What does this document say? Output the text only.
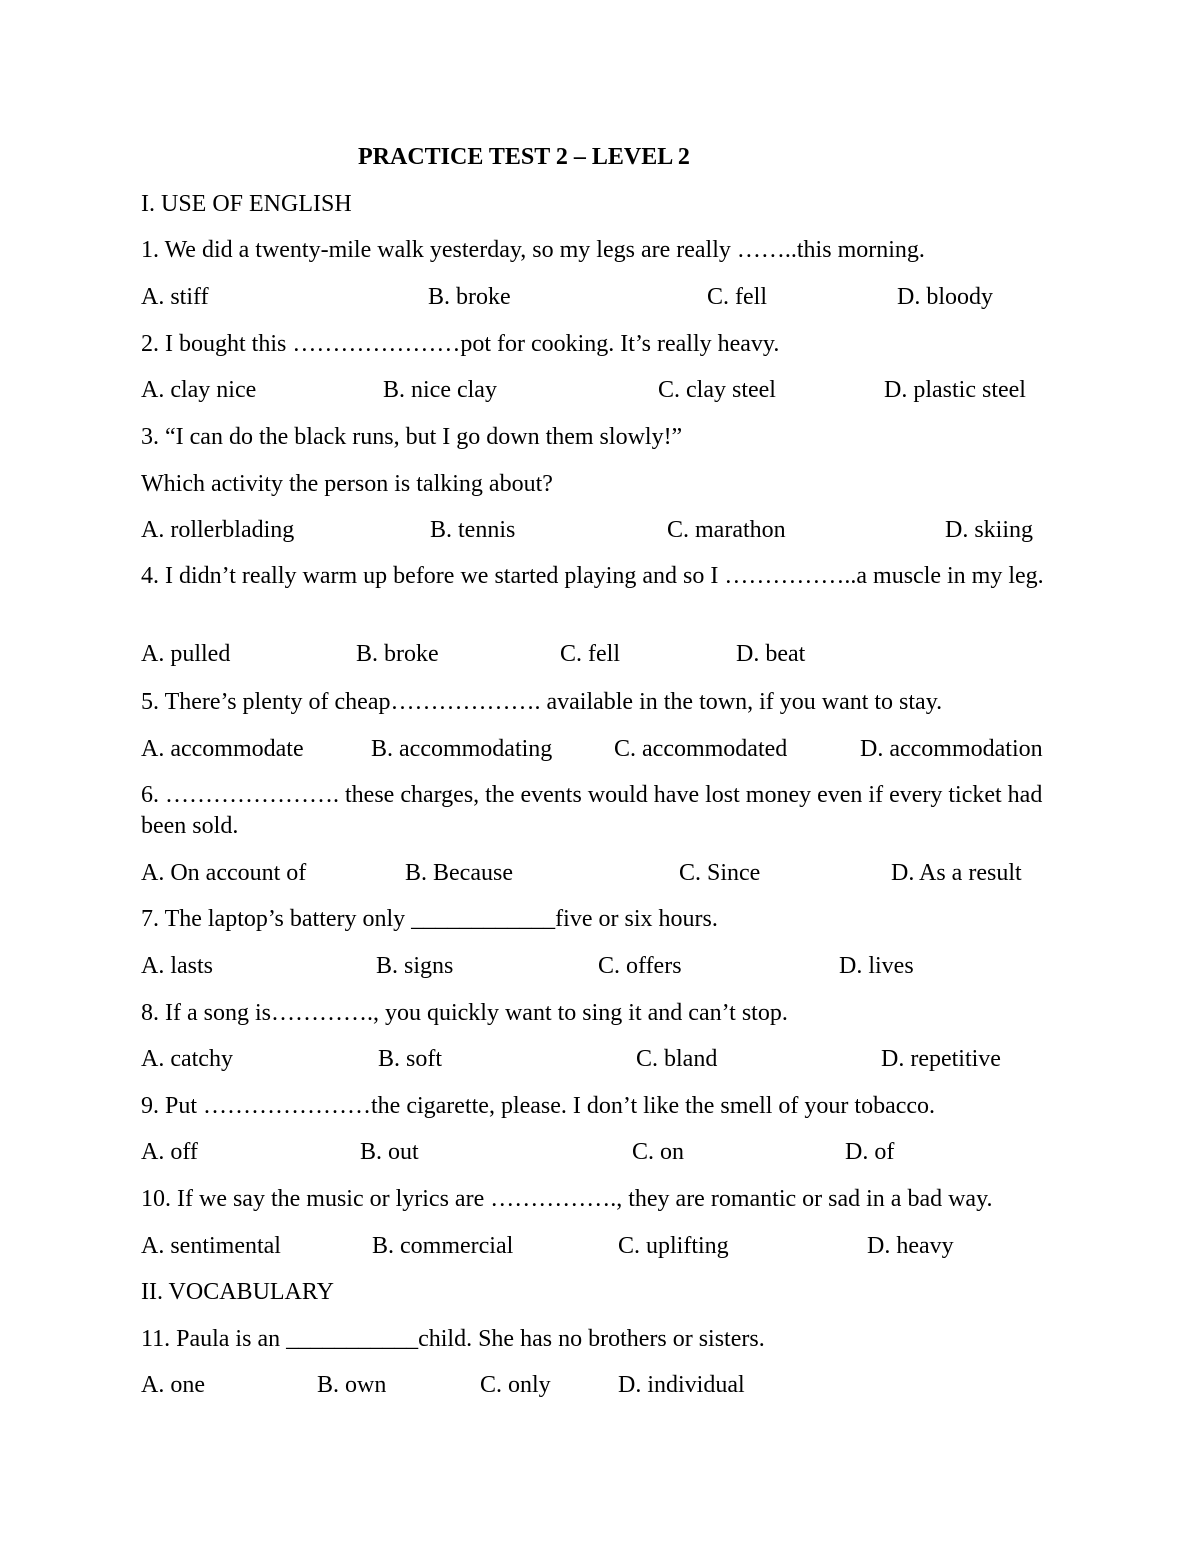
PRACTICE TEST 2 – LEVEL 2
I. USE OF ENGLISH
1. We did a twenty-mile walk yesterday, so my legs are really ……..this morning.
A. stiff	B. broke	C. fell	D. bloody
2. I bought this …………………pot for cooking. It’s really heavy.
A. clay nice	B. nice clay	C. clay steel	D. plastic steel
3. “I can do the black runs, but I go down them slowly!”
Which activity the person is talking about?
A. rollerblading	B. tennis	C. marathon	D. skiing
4. I didn’t really warm up before we started playing and so I ……………..a muscle in my leg.
A. pulled	B. broke	C. fell	D. beat
5. There’s plenty of cheap………………. available in the town, if you want to stay.
A. accommodate	B. accommodating	C. accommodated	D. accommodation
6. …………………. these charges, the events would have lost money even if every ticket had been sold.
A. On account of	B. Because	C. Since	D. As a result
7. The laptop’s battery only ____________five or six hours.
A. lasts	B. signs	C. offers	D. lives
8. If a song is…………., you quickly want to sing it and can’t stop.
A. catchy	B. soft	C. bland	D. repetitive
9. Put …………………the cigarette, please. I don’t like the smell of your tobacco.
A. off	B. out	C. on	D. of
10. If we say the music or lyrics are ……………., they are romantic or sad in a bad way.
A. sentimental	B. commercial	C. uplifting	D. heavy
II. VOCABULARY
11. Paula is an ___________child. She has no brothers or sisters.
A. one	B. own	C. only	D. individual
